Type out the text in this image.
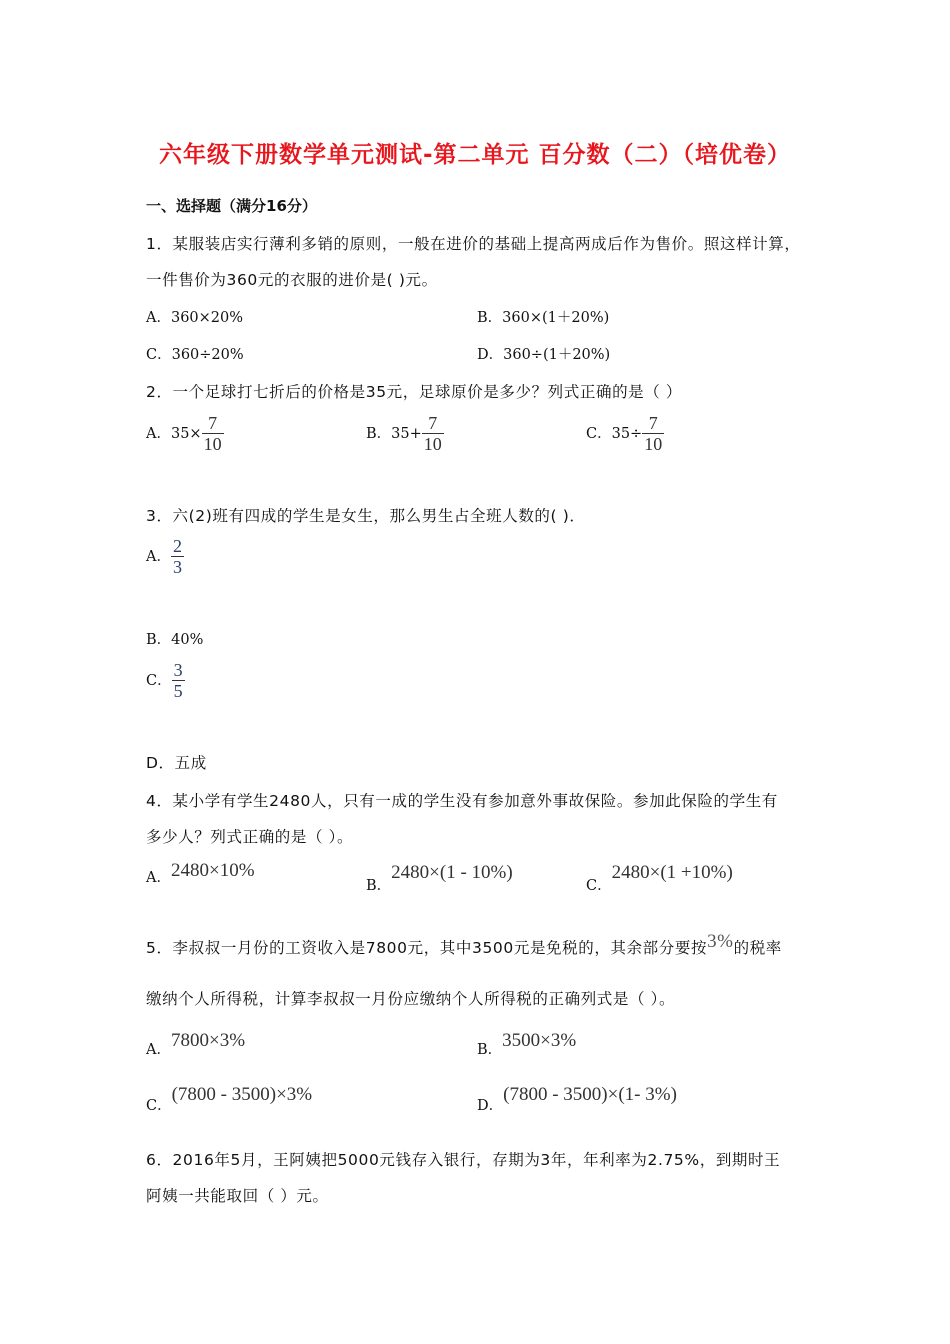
六年级下册数学单元测试-第二单元 百分数（二）（培优卷）
一、选择题（满分16分）
1．某服装店实行薄利多销的原则，一般在进价的基础上提高两成后作为售价。照这样计算，
一件售价为360元的衣服的进价是( )元。
A．360×20%	B．360×(1＋20%)
C．360÷20%	D．360÷(1＋20%)
2．一个足球打七折后的价格是35元，足球原价是多少？列式正确的是（ ）
A．$35\times \frac{7}{10}$	B．$35+ \frac{7}{10}$	C．$35\div \frac{7}{10}$
3．六(2)班有四成的学生是女生，那么男生占全班人数的( )．
A． $\frac{2}{3}$
B．40%
C． $\frac{3}{5}$
D．五成
4．某小学有学生2480人，只有一成的学生没有参加意外事故保险。参加此保险的学生有
多少人？列式正确的是（ ）。
A．2480×10%
B．2480×(1 - 10%)
C．2480×(1 +10%)
5．李叔叔一月份的工资收入是7800元，其中3500元是免税的，其余部分要按3%的税率
缴纳个人所得税，计算李叔叔一月份应缴纳个人所得税的正确列式是（ ）。
A．7800×3%	B．3500×3%
C．(7800 - 3500)×3%
D．(7800 - 3500)×(1- 3%)
6．2016年5月，王阿姨把5000元钱存入银行，存期为3年，年利率为2.75%，到期时王
阿姨一共能取回（ ）元。
